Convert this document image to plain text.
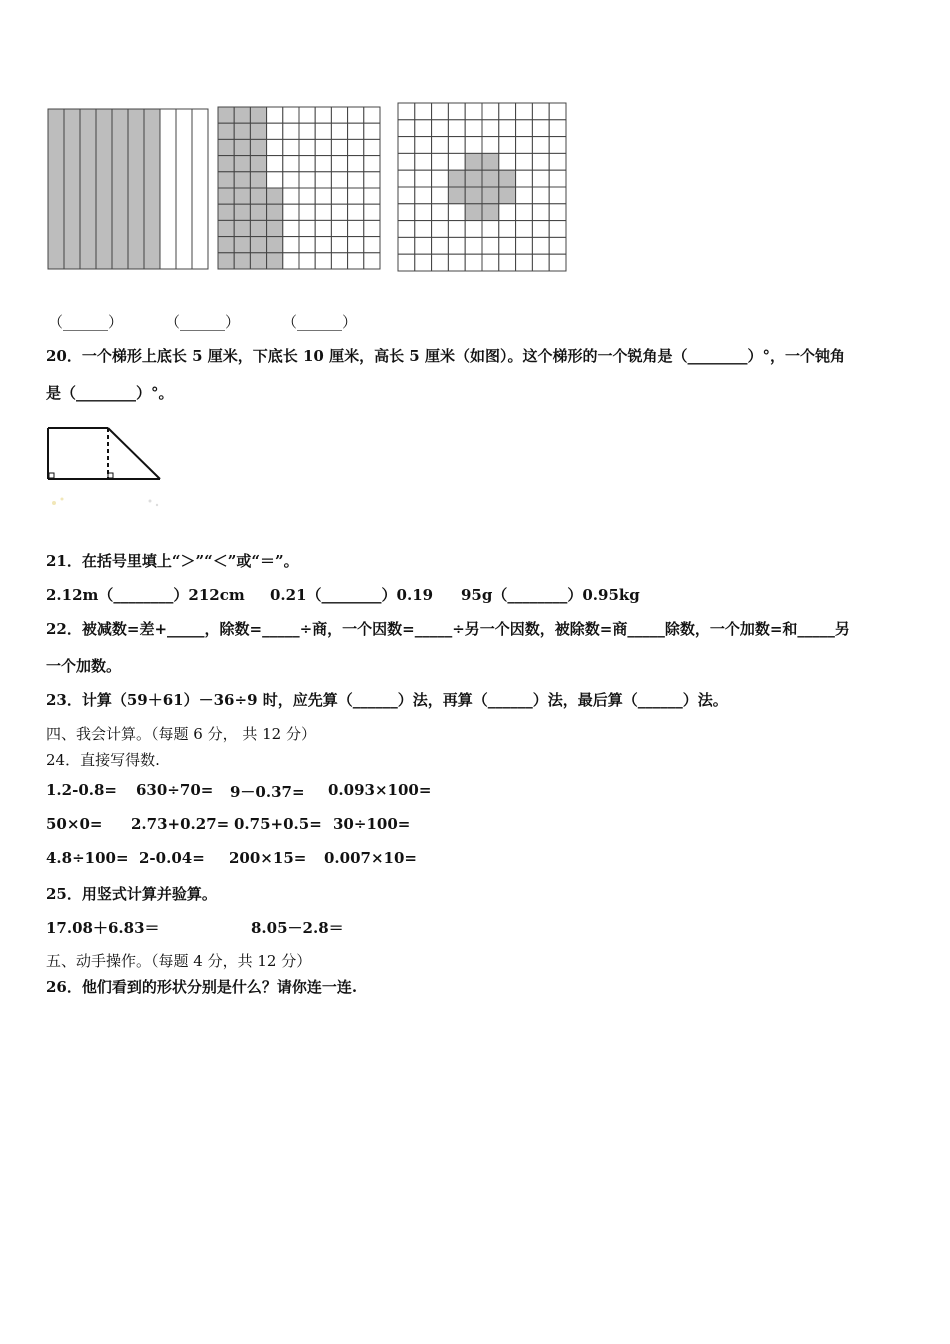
（______）	（______）	（______）
20．一个梯形上底长 5 厘米，下底长 10 厘米，高长 5 厘米（如图）。这个梯形的一个锐角是（________）°，一个钝角
是（________）°。
21．在括号里填上“＞”“＜”或“＝”。
2.12m（________）212cm 0.21（________）0.19 95g（________）0.95kg
22．被减数=差+_____，除数=_____÷商，一个因数=_____÷另一个因数，被除数=商_____除数，一个加数=和_____另
一个加数。
23．计算（59＋61）－36÷9 时，应先算（______）法，再算（______）法，最后算（______）法。
四、我会计算。（每题 6 分， 共 12 分）
24．直接写得数.
1.2-0.8= 630÷70= 9－0.37= 0.093×100=
50×0= 2.73+0.27= 0.75+0.5= 30÷100=
4.8÷100= 2-0.04= 200×15= 0.007×10=
25．用竖式计算并验算。
17.08＋6.83＝	8.05－2.8＝
五、动手操作。（每题 4 分，共 12 分）
26．他们看到的形状分别是什么？请你连一连.
